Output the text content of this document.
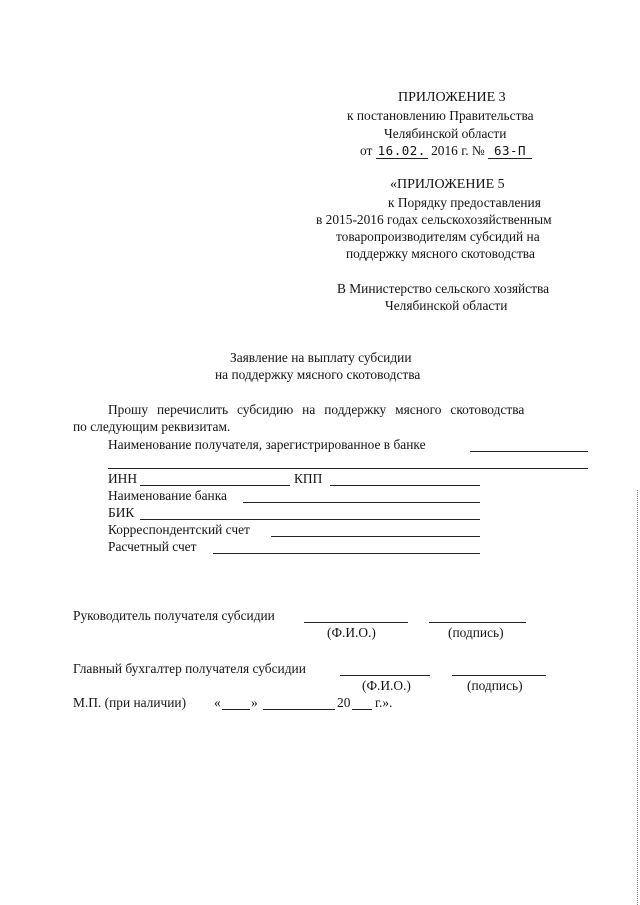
ПРИЛОЖЕНИЕ 3
к постановлению Правительства
Челябинской области
от 16.02. 2016 г. № 63-П
«ПРИЛОЖЕНИЕ 5
к Порядку предоставления
в 2015-2016 годах сельскохозяйственным
товаропроизводителям субсидий на
поддержку мясного скотоводства
В Министерство сельского хозяйства
Челябинской области
Заявление на выплату субсидии
на поддержку мясного скотоводства
Прошу перечислить субсидию на поддержку мясного скотоводства
по следующим реквизитам.
Наименование получателя, зарегистрированное в банке
ИНН	КПП
Наименование банка
БИК
Корреспондентский счет
Расчетный счет
Руководитель получателя субсидии
(Ф.И.О.)	(подпись)
Главный бухгалтер получателя субсидии
(Ф.И.О.)	(подпись)
М.П. (при наличии) « »	20 г.».
